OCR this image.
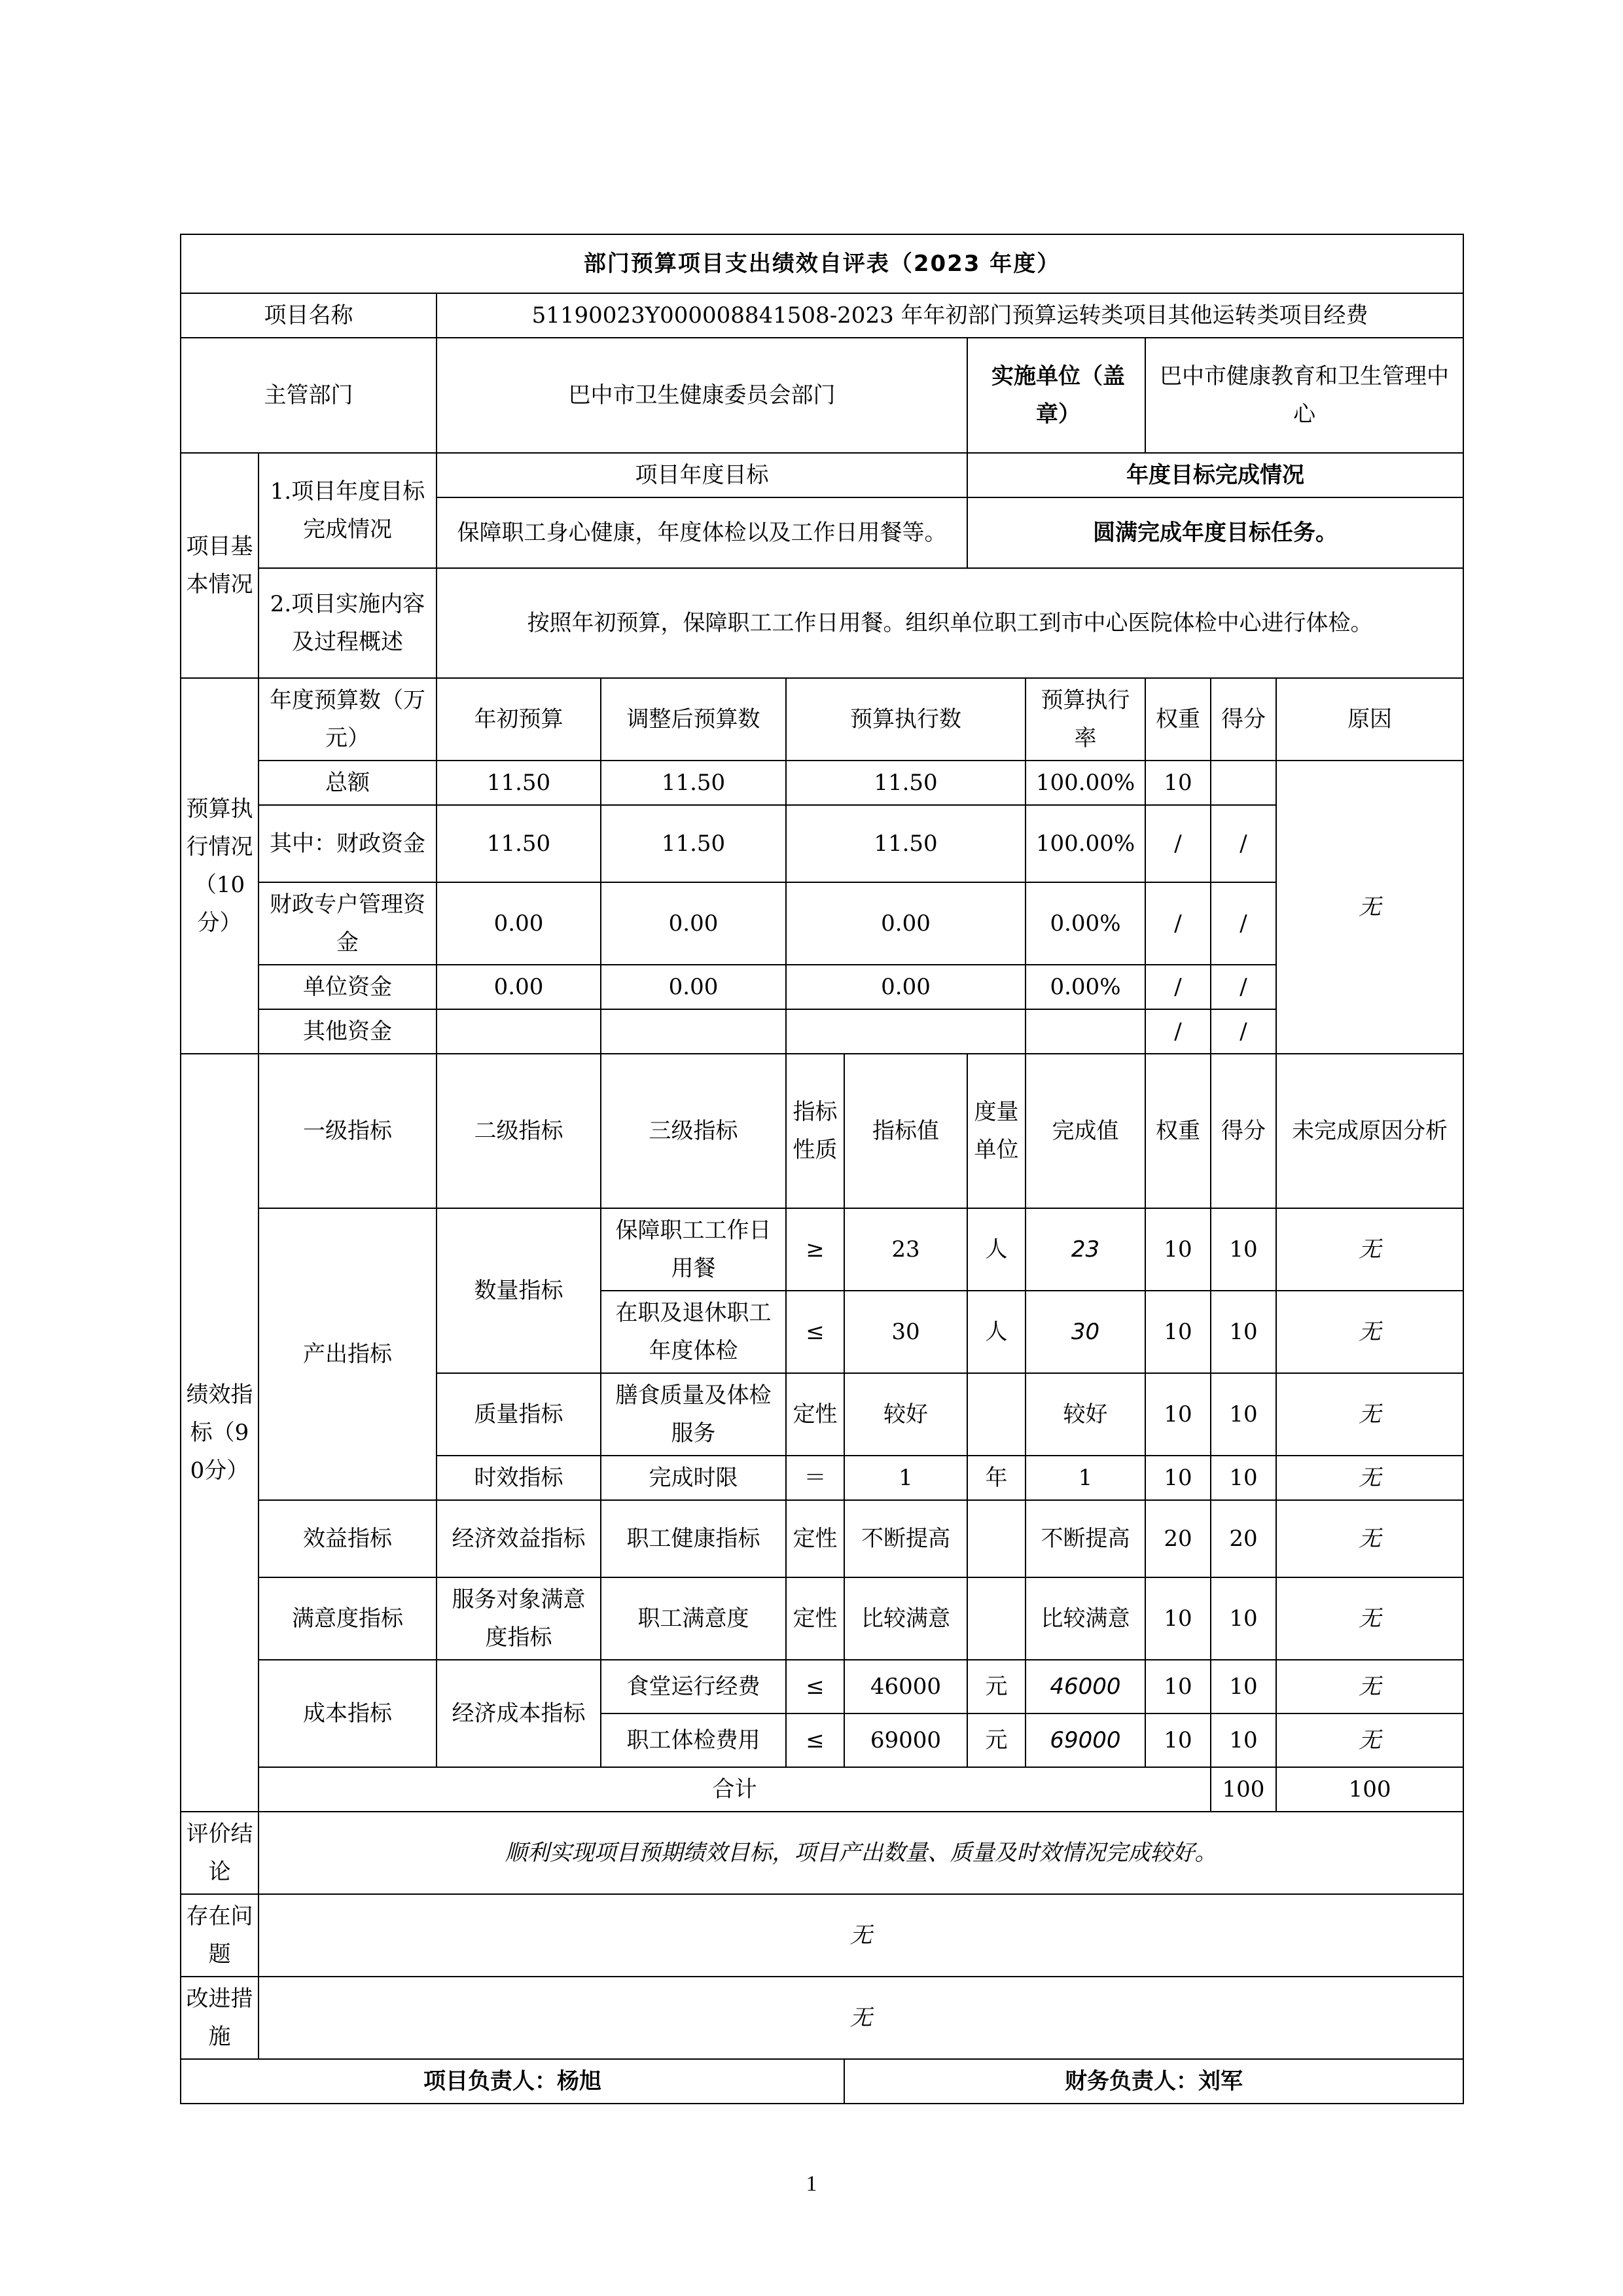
部门预算项目支出绩效自评表（2023 年度）											
项目名称		51190023Y000008841508-2023 年年初部门预算运转类项目其他运转类项目经费									
主管部门		巴中市卫生健康委员会部门				实施单位（盖章）		巴中市健康教育和卫生管理中心			
项目基本情况	1.项目年度目标完成情况	项目年度目标				年度目标完成情况					
		保障职工身心健康，年度体检以及工作日用餐等。				圆满完成年度目标任务。					
	2.项目实施内容及过程概述	按照年初预算，保障职工工作日用餐。组织单位职工到市中心医院体检中心进行体检。									
预算执行情况（10分）	年度预算数（万元）	年初预算	调整后预算数	预算执行数			预算执行率	权重	得分	原因	
	总额	11.50	11.50	11.50			100.00%	10		无	
	其中：财政资金	11.50	11.50	11.50			100.00%	/	/		
	财政专户管理资金	0.00	0.00	0.00			0.00%	/	/		
	单位资金	0.00	0.00	0.00			0.00%	/	/		
	其他资金							/	/		
绩效指标（90分）	一级指标	二级指标	三级指标	指标性质	指标值	度量单位	完成值	权重	得分	未完成原因分析	
	产出指标	数量指标	保障职工工作日用餐	≥	23	人	23	10	10	无	
			在职及退休职工年度体检	≤	30	人	30	10	10	无	
		质量指标	膳食质量及体检服务	定性	较好		较好	10	10	无	
		时效指标	完成时限	＝	1	年	1	10	10	无	
	效益指标	经济效益指标	职工健康指标	定性	不断提高		不断提高	20	20	无	
	满意度指标	服务对象满意度指标	职工满意度	定性	比较满意		比较满意	10	10	无	
	成本指标	经济成本指标	食堂运行经费	≤	46000	元	46000	10	10	无	
			职工体检费用	≤	69000	元	69000	10	10	无	
	合计								100	100	
评价结论	顺利实现项目预期绩效目标，项目产出数量、质量及时效情况完成较好。										
存在问题	无										
改进措施	无										
项目负责人：杨旭					财务负责人：刘军						
1
